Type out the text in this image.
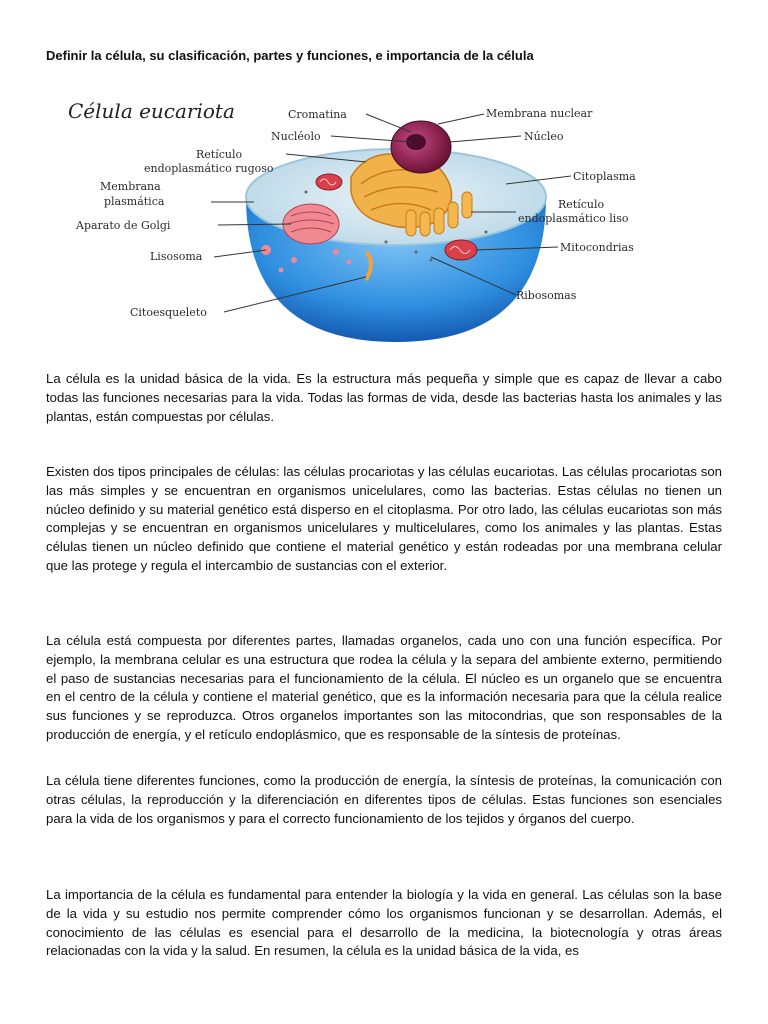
Definir la célula, su clasificación, partes y funciones, e importancia de la célula
Célula eucariota	Cromatina
Nucléolo
Retículo
endoplasmático rugoso
Membrana
plasmática
Aparato de Golgi
Lisosoma
Citoesqueleto
Membrana nuclear
Núcleo
Citoplasma
Retículo
endoplasmático liso
Mitocondrias
Ribosomas

La célula es la unidad básica de la vida. Es la estructura más pequeña y simple que es capaz de llevar a cabo todas las funciones necesarias para la vida. Todas las formas de vida, desde las bacterias hasta los animales y las plantas, están compuestas por células.

Existen dos tipos principales de células: las células procariotas y las células eucariotas. Las células procariotas son las más simples y se encuentran en organismos unicelulares, como las bacterias. Estas células no tienen un núcleo definido y su material genético está disperso en el citoplasma. Por otro lado, las células eucariotas son más complejas y se encuentran en organismos unicelulares y multicelulares, como los animales y las plantas. Estas células tienen un núcleo definido que contiene el material genético y están rodeadas por una membrana celular que las protege y regula el intercambio de sustancias con el exterior.

La célula está compuesta por diferentes partes, llamadas organelos, cada uno con una función específica. Por ejemplo, la membrana celular es una estructura que rodea la célula y la separa del ambiente externo, permitiendo el paso de sustancias necesarias para el funcionamiento de la célula. El núcleo es un organelo que se encuentra en el centro de la célula y contiene el material genético, que es la información necesaria para que la célula realice sus funciones y se reproduzca. Otros organelos importantes son las mitocondrias, que son responsables de la producción de energía, y el retículo endoplásmico, que es responsable de la síntesis de proteínas.

La célula tiene diferentes funciones, como la producción de energía, la síntesis de proteínas, la comunicación con otras células, la reproducción y la diferenciación en diferentes tipos de células. Estas funciones son esenciales para la vida de los organismos y para el correcto funcionamiento de los tejidos y órganos del cuerpo.

La importancia de la célula es fundamental para entender la biología y la vida en general. Las células son la base de la vida y su estudio nos permite comprender cómo los organismos funcionan y se desarrollan. Además, el conocimiento de las células es esencial para el desarrollo de la medicina, la biotecnología y otras áreas relacionadas con la vida y la salud. En resumen, la célula es la unidad básica de la vida, es
